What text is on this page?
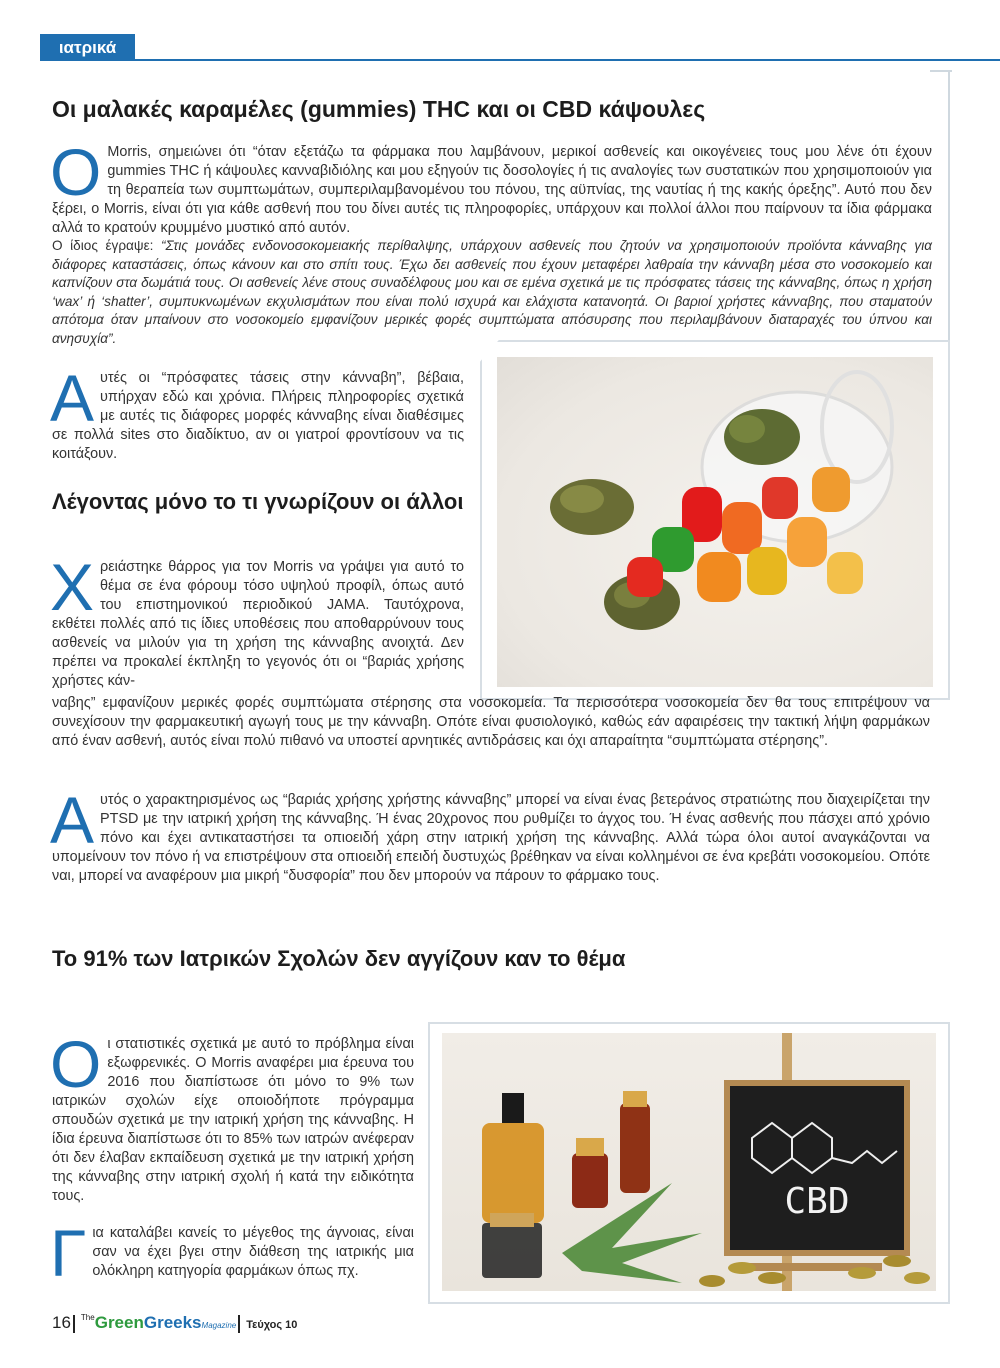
ιατρικά
Οι μαλακές καραμέλες (gummies) THC και οι CBD κάψουλες
Ο Morris, σημειώνει ότι “όταν εξετάζω τα φάρμακα που λαμβάνουν, μερικοί ασθενείς και οικογένειες τους μου λένε ότι έχουν gummies THC ή κάψουλες κανναβιδιόλης και μου εξηγούν τις δοσολογίες ή τις αναλογίες των συστατικών που χρησιμοποιούν για τη θεραπεία των συμπτωμάτων, συμπεριλαμβανομένου του πόνου, της αϋπνίας, της ναυτίας ή της κακής όρεξης”. Αυτό που δεν ξέρει, ο Morris, είναι ότι για κάθε ασθενή που του δίνει αυτές τις πληροφορίες, υπάρχουν και πολλοί άλλοι που παίρνουν τα ίδια φάρμακα αλλά το κρατούν κρυμμένο μυστικό από αυτόν.
Ο ίδιος έγραψε: “Στις μονάδες ενδονοσοκομειακής περίθαλψης, υπάρχουν ασθενείς που ζητούν να χρησιμοποιούν προϊόντα κάνναβης για διάφορες καταστάσεις, όπως κάνουν και στο σπίτι τους. Έχω δει ασθενείς που έχουν μεταφέρει λαθραία την κάνναβη μέσα στο νοσοκομείο και καπνίζουν στα δωμάτιά τους. Οι ασθενείς λένε στους συναδέλφους μου και σε εμένα σχετικά με τις πρόσφατες τάσεις της κάνναβης, όπως η χρήση ‘wax’ ή ‘shatter’, συμπυκνωμένων εκχυλισμάτων που είναι πολύ ισχυρά και ελάχιστα κατανοητά. Οι βαριοί χρήστες κάνναβης, που σταματούν απότομα όταν μπαίνουν στο νοσοκομείο εμφανίζουν μερικές φορές συμπτώματα απόσυρσης που περιλαμβάνουν διαταραχές του ύπνου και ανησυχία”.
Αυτές οι “πρόσφατες τάσεις στην κάνναβη”, βέβαια, υπήρχαν εδώ και χρόνια. Πλήρεις πληροφορίες σχετικά με αυτές τις διάφορες μορφές κάνναβης είναι διαθέσιμες σε πολλά sites στο διαδίκτυο, αν οι γιατροί φροντίσουν να τις κοιτάξουν.
Λέγοντας μόνο το τι γνωρίζουν οι άλλοι
Χρειάστηκε θάρρος για τον Morris να γράψει για αυτό το θέμα σε ένα φόρουμ τόσο υψηλού προφίλ, όπως αυτό του επιστημονικού περιοδικού JAMA. Ταυτόχρονα, εκθέτει πολλές από τις ίδιες υποθέσεις που αποθαρρύνουν τους ασθενείς να μιλούν για τη χρήση της κάνναβης ανοιχτά. Δεν πρέπει να προκαλεί έκπληξη το γεγονός ότι οι “βαριάς χρήσης χρήστες κάν-
ναβης” εμφανίζουν μερικές φορές συμπτώματα στέρησης στα νοσοκομεία. Τα περισσότερα νοσοκομεία δεν θα τους επιτρέψουν να συνεχίσουν την φαρμακευτική αγωγή τους με την κάνναβη. Οπότε είναι φυσιολογικό, καθώς εάν αφαιρέσεις την τακτική λήψη φαρμάκων από έναν ασθενή, αυτός είναι πολύ πιθανό να υποστεί αρνητικές αντιδράσεις και όχι απαραίτητα “συμπτώματα στέρησης”.
Αυτός ο χαρακτηρισμένος ως “βαριάς χρήσης χρήστης κάνναβης” μπορεί να είναι ένας βετεράνος στρατιώτης που διαχειρίζεται την PTSD με την ιατρική χρήση της κάνναβης. Ή ένας 20χρονος που ρυθμίζει το άγχος του. Ή ένας ασθενής που πάσχει από χρόνιο πόνο και έχει αντικαταστήσει τα οπιοειδή χάρη στην ιατρική χρήση της κάνναβης. Αλλά τώρα όλοι αυτοί αναγκάζονται να υπομείνουν τον πόνο ή να επιστρέψουν στα οπιοειδή επειδή δυστυχώς βρέθηκαν να είναι κολλημένοι σε ένα κρεβάτι νοσοκομείου. Οπότε ναι, μπορεί να αναφέρουν μια μικρή “δυσφορία” που δεν μπορούν να πάρουν το φάρμακο τους.
Το 91% των Ιατρικών Σχολών δεν αγγίζουν καν το θέμα
Οι στατιστικές σχετικά με αυτό το πρόβλημα είναι εξωφρενικές. Ο Morris αναφέρει μια έρευνα του 2016 που διαπίστωσε ότι μόνο το 9% των ιατρικών σχολών είχε οποιοδήποτε πρόγραμμα σπουδών σχετικά με την ιατρική χρήση της κάνναβης. Η ίδια έρευνα διαπίστωσε ότι το 85% των ιατρών ανέφεραν ότι δεν έλαβαν εκπαίδευση σχετικά με την ιατρική χρήση της κάνναβης στην ιατρική σχολή ή κατά την ειδικότητα τους.
Για καταλάβει κανείς το μέγεθος της άγνοιας, είναι σαν να έχει βγει στην διάθεση της ιατρικής μια ολόκληρη κατηγορία φαρμάκων όπως πχ.
CBD
16 $^{The}$GreenGreeksMagazine Τεύχος 10
